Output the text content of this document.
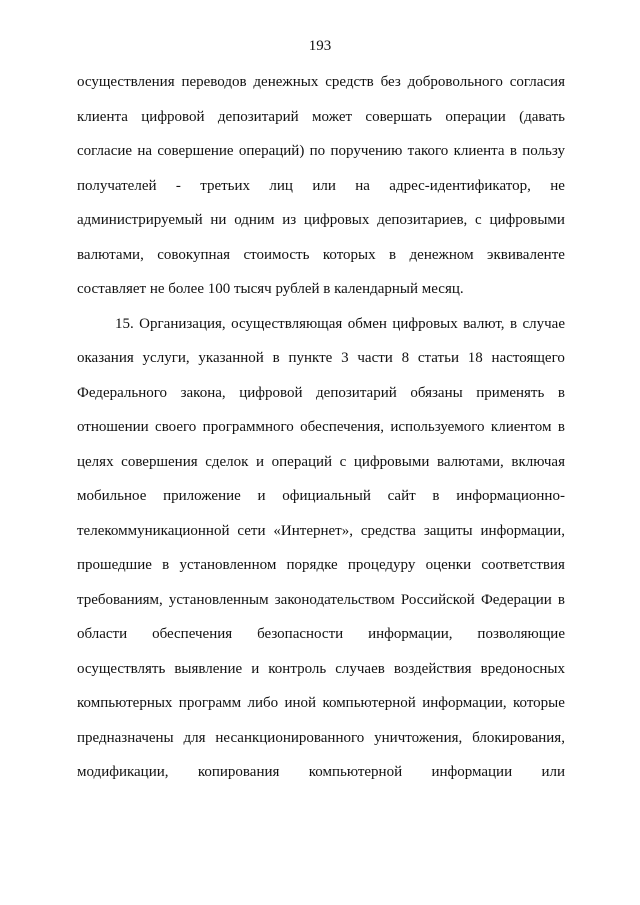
193
осуществления переводов денежных средств без добровольного согласия
клиента цифровой депозитарий может совершать операции (давать
согласие на совершение операций) по поручению такого клиента в пользу
получателей - третьих лиц или на адрес-идентификатор, не
администрируемый ни одним из цифровых депозитариев, с цифровыми
валютами, совокупная стоимость которых в денежном эквиваленте
составляет не более 100 тысяч рублей в календарный месяц.
15. Организация, осуществляющая обмен цифровых валют, в случае
оказания услуги, указанной в пункте 3 части 8 статьи 18 настоящего
Федерального закона, цифровой депозитарий обязаны применять в
отношении своего программного обеспечения, используемого клиентом в
целях совершения сделок и операций с цифровыми валютами, включая
мобильное приложение и официальный сайт в информационно-
телекоммуникационной сети «Интернет», средства защиты информации,
прошедшие в установленном порядке процедуру оценки соответствия
требованиям, установленным законодательством Российской Федерации в
области обеспечения безопасности информации, позволяющие
осуществлять выявление и контроль случаев воздействия вредоносных
компьютерных программ либо иной компьютерной информации, которые
предназначены для несанкционированного уничтожения, блокирования,
модификации, копирования компьютерной информации или
